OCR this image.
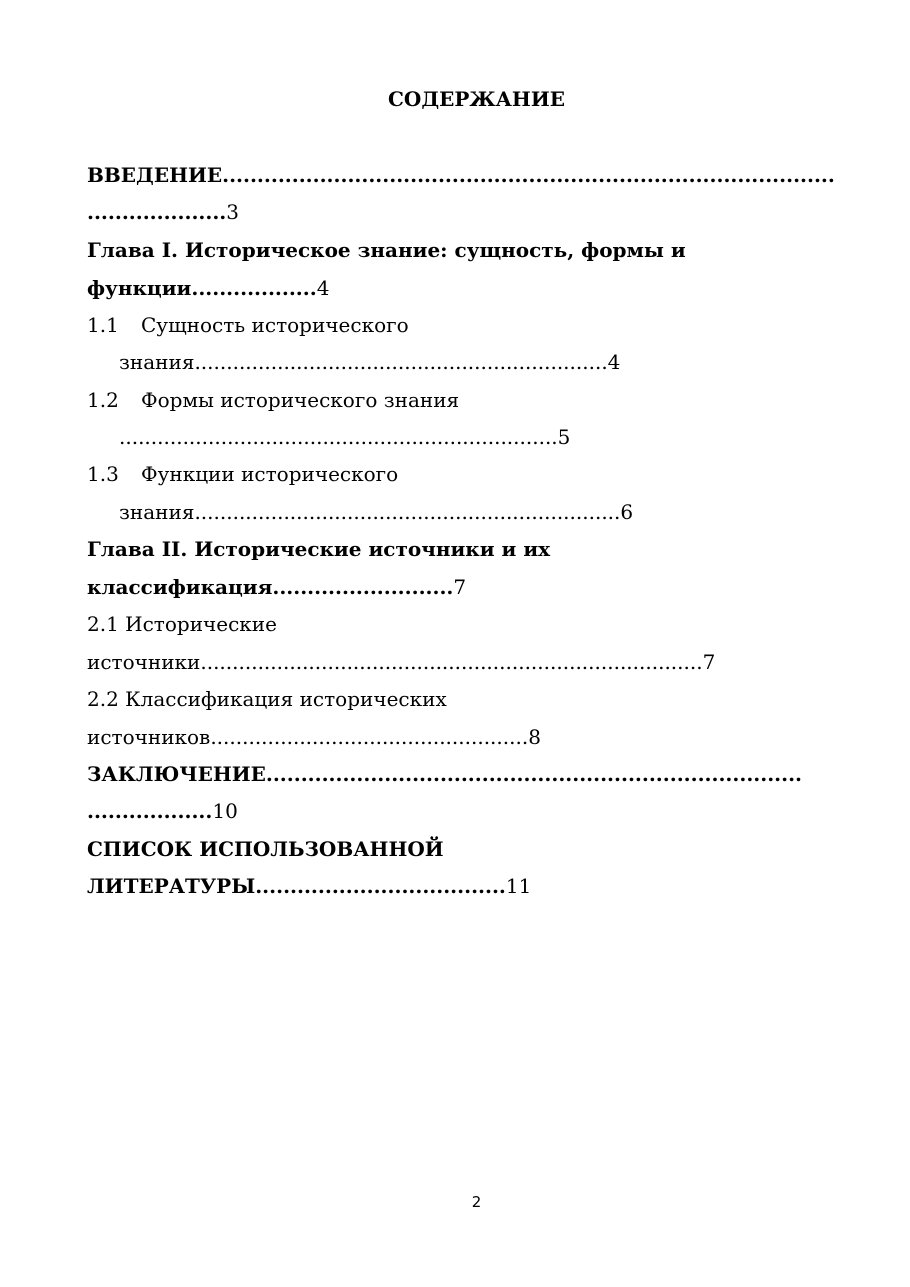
СОДЕРЖАНИЕ
ВВЕДЕНИЕ........................................................................................
....................3
Глава I. Историческое знание: сущность, формы и
функции..................4
1.1 Сущность исторического
знания.................................................................4
1.2 Формы исторического знания
.....................................................................5
1.3 Функции исторического
знания...................................................................6
Глава II. Исторические источники и их
классификация..........................7
2.1 Исторические
источники...............................................................................7
2.2 Классификация исторических
источников..................................................8
ЗАКЛЮЧЕНИЕ.............................................................................
..................10
СПИСОК ИСПОЛЬЗОВАННОЙ
ЛИТЕРАТУРЫ....................................11
2
